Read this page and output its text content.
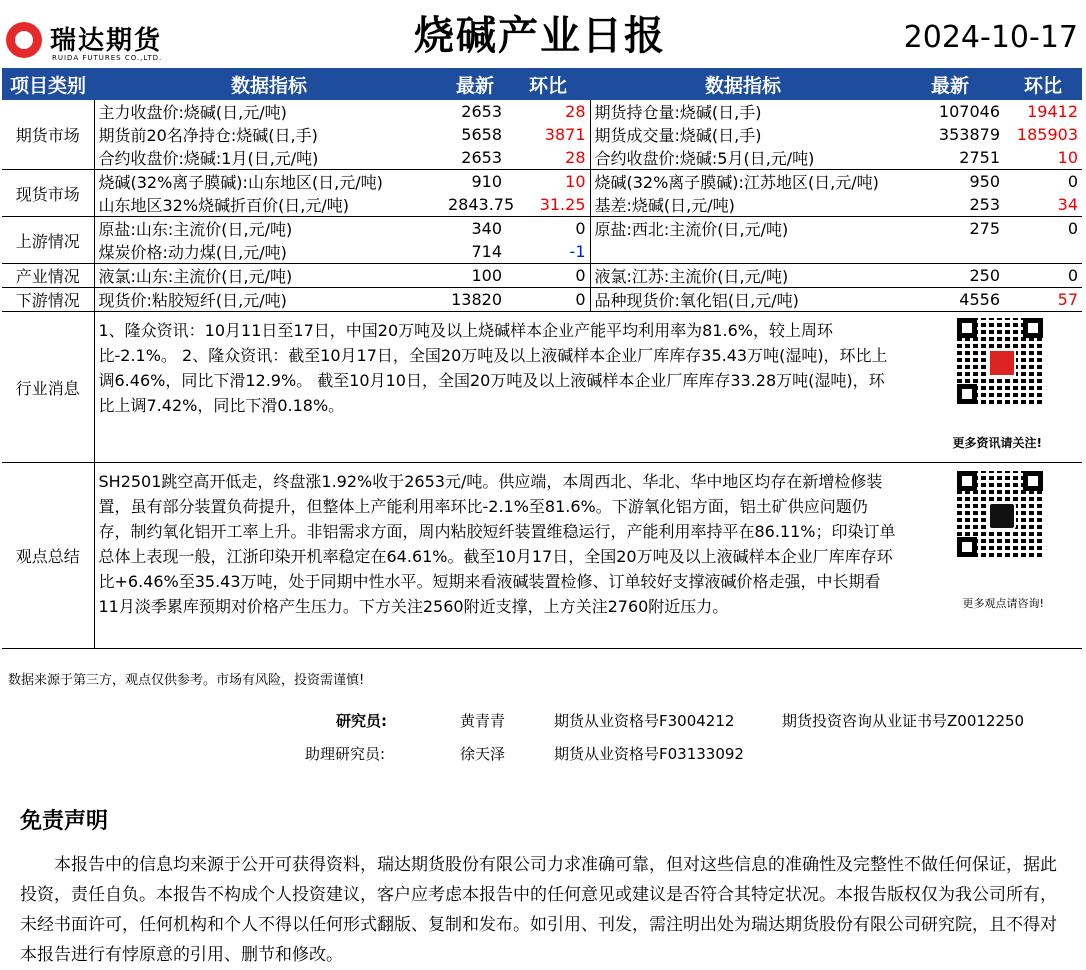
瑞达期货
RUIDA FUTURES CO.,LTD.	烧碱产业日报	2024-10-17
项目类别	数据指标	最新	环比	数据指标	最新	环比
期货市场	主力收盘价:烧碱(日,元/吨)	2653	28	期货持仓量:烧碱(日,手)	107046	19412
	期货前20名净持仓:烧碱(日,手)	5658	3871	期货成交量:烧碱(日,手)	353879	185903
	合约收盘价:烧碱:1月(日,元/吨)	2653	28	合约收盘价:烧碱:5月(日,元/吨)	2751	10
现货市场	烧碱(32%离子膜碱):山东地区(日,元/吨)	910	10	烧碱(32%离子膜碱):江苏地区(日,元/吨)	950	0
	山东地区32%烧碱折百价(日,元/吨)	2843.75	31.25	基差:烧碱(日,元/吨)	253	34
上游情况	原盐:山东:主流价(日,元/吨)	340	0	原盐:西北:主流价(日,元/吨)	275	0
	煤炭价格:动力煤(日,元/吨)	714	-1			
产业情况	液氯:山东:主流价(日,元/吨)	100	0	液氯:江苏:主流价(日,元/吨)	250	0
下游情况	现货价:粘胶短纤(日,元/吨)	13820	0	品种现货价:氧化铝(日,元/吨)	4556	57
行业消息	1、隆众资讯：10月11日至17日，中国20万吨及以上烧碱样本企业产能平均利用率为81.6%，较上周环比-2.1%。 2、隆众资讯：截至10月17日，全国20万吨及以上液碱样本企业厂库库存35.43万吨(湿吨)，环比上调6.46%，同比下滑12.9%。 截至10月10日，全国20万吨及以上液碱样本企业厂库库存33.28万吨(湿吨)，环比上调7.42%，同比下滑0.18%。
更多资讯请关注!					

观点总结	SH2501跳空高开低走，终盘涨1.92%收于2653元/吨。供应端，本周西北、华北、华中地区均存在新增检修装置，虽有部分装置负荷提升，但整体上产能利用率环比-2.1%至81.6%。下游氧化铝方面，铝土矿供应问题仍存，制约氧化铝开工率上升。非铝需求方面，周内粘胶短纤装置维稳运行，产能利用率持平在86.11%；印染订单总体上表现一般，江浙印染开机率稳定在64.61%。截至10月17日，全国20万吨及以上液碱样本企业厂库库存环比+6.46%至35.43万吨，处于同期中性水平。短期来看液碱装置检修、订单较好支撑液碱价格走强，中长期看11月淡季累库预期对价格产生压力。下方关注2560附近支撑，上方关注2760附近压力。 更多观点请咨询!					
数据来源于第三方，观点仅供参考。市场有风险，投资需谨慎!
研究员:	黄青青	期货从业资格号F3004212	期货投资咨询从业证书号Z0012250
助理研究员:	徐天泽	期货从业资格号F03133092
免责声明
本报告中的信息均来源于公开可获得资料，瑞达期货股份有限公司力求准确可靠，但对这些信息的准确性及完整性不做任何保证，据此投资，责任自负。本报告不构成个人投资建议，客户应考虑本报告中的任何意见或建议是否符合其特定状况。本报告版权仅为我公司所有，未经书面许可，任何机构和个人不得以任何形式翻版、复制和发布。如引用、刊发，需注明出处为瑞达期货股份有限公司研究院，且不得对本报告进行有悖原意的引用、删节和修改。
